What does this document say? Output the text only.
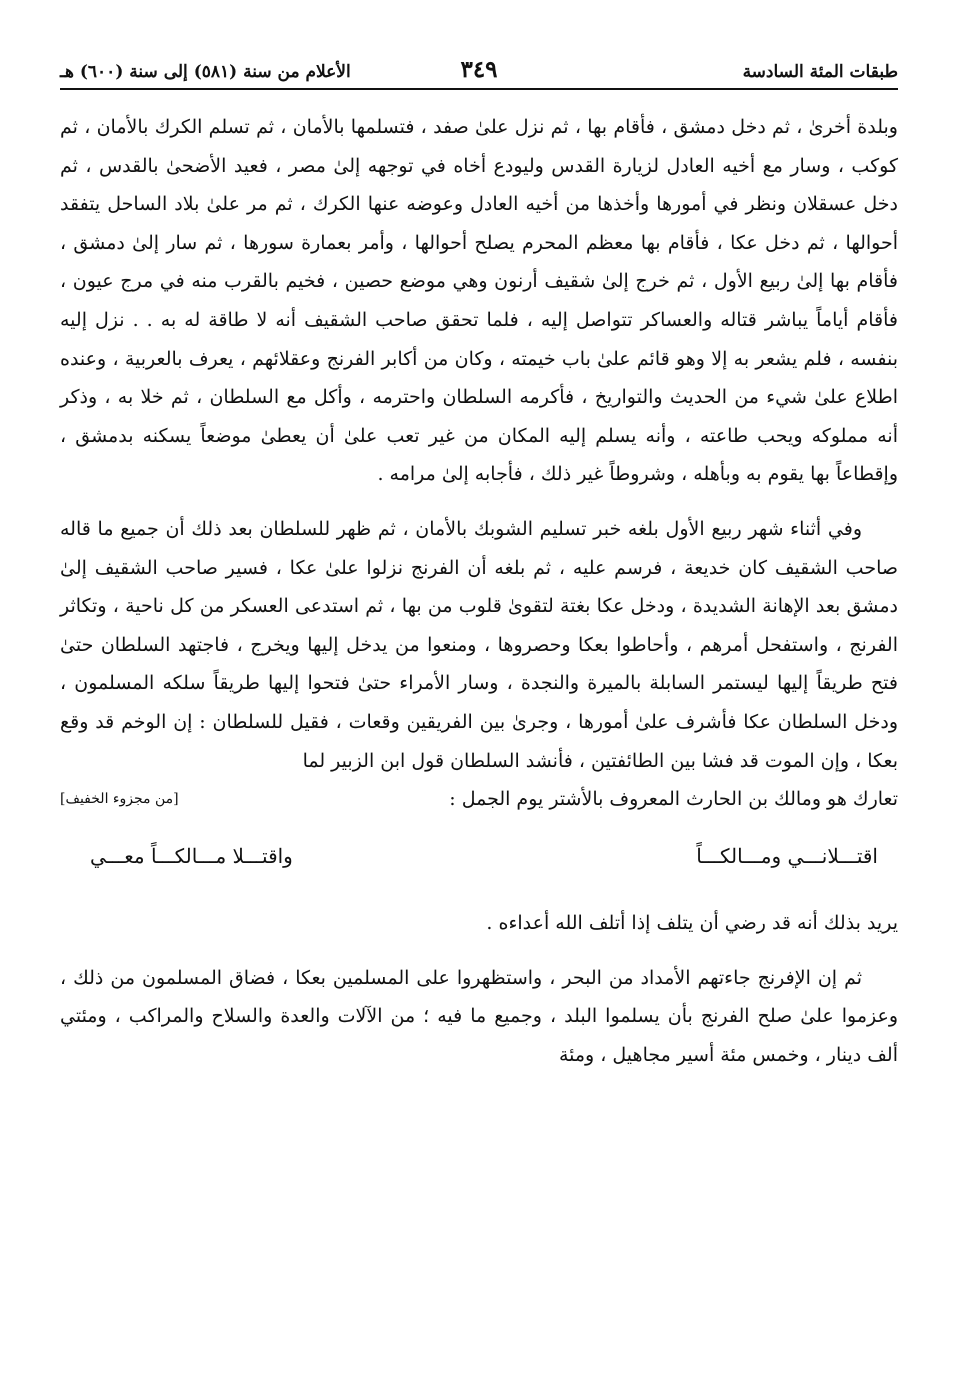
طبقات المئة السادسة
٣٤٩
الأعلام من سنة (٥٨١) إلى سنة (٦٠٠) هـ

وبلدة أخرىٰ ، ثم دخل دمشق ، فأقام بها ، ثم نزل علىٰ صفد ، فتسلمها بالأمان ، ثم تسلم الكرك بالأمان ، ثم كوكب ، وسار مع أخيه العادل لزيارة القدس وليودع أخاه في توجهه إلىٰ مصر ، فعيد الأضحىٰ بالقدس ، ثم دخل عسقلان ونظر في أمورها وأخذها من أخيه العادل وعوضه عنها الكرك ، ثم مر علىٰ بلاد الساحل يتفقد أحوالها ، ثم دخل عكا ، فأقام بها معظم المحرم يصلح أحوالها ، وأمر بعمارة سورها ، ثم سار إلىٰ دمشق ، فأقام بها إلىٰ ربيع الأول ، ثم خرج إلىٰ شقيف أرنون وهي موضع حصين ، فخيم بالقرب منه في مرج عيون ، فأقام أياماً يباشر قتاله والعساكر تتواصل إليه ، فلما تحقق صاحب الشقيف أنه لا طاقة له به . . نزل إليه بنفسه ، فلم يشعر به إلا وهو قائم علىٰ باب خيمته ، وكان من أكابر الفرنج وعقلائهم ، يعرف بالعربية ، وعنده اطلاع علىٰ شيء من الحديث والتواريخ ، فأكرمه السلطان واحترمه ، وأكل مع السلطان ، ثم خلا به ، وذكر أنه مملوكه ويحب طاعته ، وأنه يسلم إليه المكان من غير تعب علىٰ أن يعطىٰ موضعاً يسكنه بدمشق ، وإقطاعاً بها يقوم به وبأهله ، وشروطاً غير ذلك ، فأجابه إلىٰ مرامه .

وفي أثناء شهر ربيع الأول بلغه خبر تسليم الشوبك بالأمان ، ثم ظهر للسلطان بعد ذلك أن جميع ما قاله صاحب الشقيف كان خديعة ، فرسم عليه ، ثم بلغه أن الفرنج نزلوا علىٰ عكا ، فسير صاحب الشقيف إلىٰ دمشق بعد الإهانة الشديدة ، ودخل عكا بغتة لتقوىٰ قلوب من بها ، ثم استدعى العسكر من كل ناحية ، وتكاثر الفرنج ، واستفحل أمرهم ، وأحاطوا بعكا وحصروها ، ومنعوا من يدخل إليها ويخرج ، فاجتهد السلطان حتىٰ فتح طريقاً إليها ليستمر السابلة بالميرة والنجدة ، وسار الأمراء حتىٰ فتحوا إليها طريقاً سلكه المسلمون ، ودخل السلطان عكا فأشرف علىٰ أمورها ، وجرىٰ بين الفريقين وقعات ، فقيل للسلطان : إن الوخم قد وقع بعكا ، وإن الموت قد فشا بين الطائفتين ، فأنشد السلطان قول ابن الزبير لما

تعارك هو ومالك بن الحارث المعروف بالأشتر يوم الجمل :
[من مجزوء الخفيف]
اقتـــلانـــي ومـــالكـــاً
واقتـــلا مـــالكـــاً معـــي

يريد بذلك أنه قد رضي أن يتلف إذا أتلف الله أعداءه .

ثم إن الإفرنج جاءتهم الأمداد من البحر ، واستظهروا على المسلمين بعكا ، فضاق المسلمون من ذلك ، وعزموا علىٰ صلح الفرنج بأن يسلموا البلد ، وجميع ما فيه ؛ من الآلات والعدة والسلاح والمراكب ، ومئتي ألف دينار ، وخمس مئة أسير مجاهيل ، ومئة
